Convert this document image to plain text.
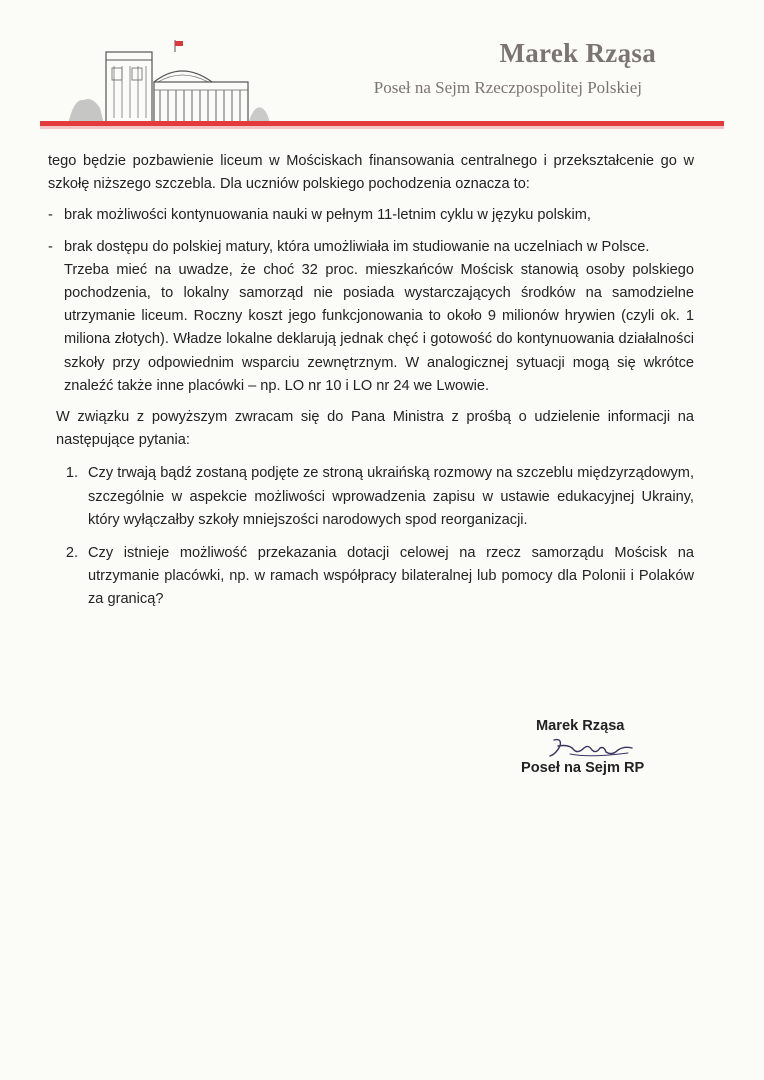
Marek Rząsa
Poseł na Sejm Rzeczpospolitej Polskiej

tego będzie pozbawienie liceum w Mościskach finansowania centralnego i przekształcenie go w szkołę niższego szczebla. Dla uczniów polskiego pochodzenia oznacza to:

- brak możliwości kontynuowania nauki w pełnym 11-letnim cyklu w języku polskim,
- brak dostępu do polskiej matury, która umożliwiała im studiowanie na uczelniach w Polsce.

Trzeba mieć na uwadze, że choć 32 proc. mieszkańców Mościsk stanowią osoby polskiego pochodzenia, to lokalny samorząd nie posiada wystarczających środków na samodzielne utrzymanie liceum. Roczny koszt jego funkcjonowania to około 9 milionów hrywien (czyli ok. 1 miliona złotych). Władze lokalne deklarują jednak chęć i gotowość do kontynuowania działalności szkoły przy odpowiednim wsparciu zewnętrznym. W analogicznej sytuacji mogą się wkrótce znaleźć także inne placówki – np. LO nr 10 i LO nr 24 we Lwowie.

W związku z powyższym zwracam się do Pana Ministra z prośbą o udzielenie informacji na następujące pytania:

1. Czy trwają bądź zostaną podjęte ze stroną ukraińską rozmowy na szczeblu międzyrządowym, szczególnie w aspekcie możliwości wprowadzenia zapisu w ustawie edukacyjnej Ukrainy, który wyłączałby szkoły mniejszości narodowych spod reorganizacji.
2. Czy istnieje możliwość przekazania dotacji celowej na rzecz samorządu Mościsk na utrzymanie placówki, np. w ramach współpracy bilateralnej lub pomocy dla Polonii i Polaków za granicą?
Marek Rząsa
Poseł na Sejm RP
